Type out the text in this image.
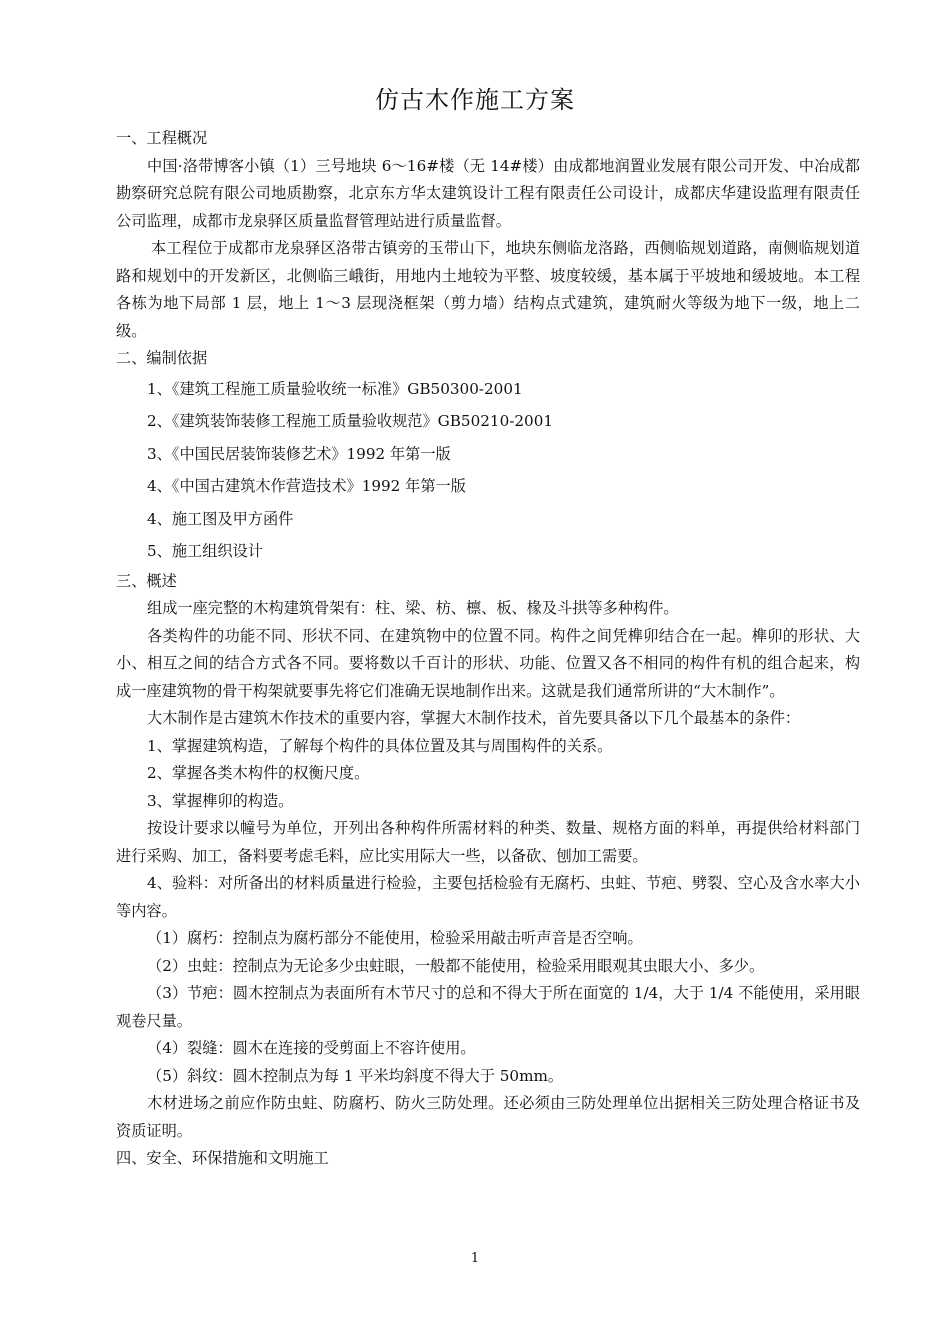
仿古木作施工方案

一、工程概况

中国·洛带博客小镇（1）三号地块 6～16#楼（无 14#楼）由成都地润置业发展有限公司开发、中冶成都勘察研究总院有限公司地质勘察，北京东方华太建筑设计工程有限责任公司设计，成都庆华建设监理有限责任公司监理，成都市龙泉驿区质量监督管理站进行质量监督。

本工程位于成都市龙泉驿区洛带古镇旁的玉带山下，地块东侧临龙洛路，西侧临规划道路，南侧临规划道路和规划中的开发新区，北侧临三峨街，用地内土地较为平整、坡度较缓，基本属于平坡地和缓坡地。本工程各栋为地下局部 1 层，地上 1～3 层现浇框架（剪力墙）结构点式建筑，建筑耐火等级为地下一级，地上二级。

二、编制依据

1、《建筑工程施工质量验收统一标准》GB50300-2001

2、《建筑装饰装修工程施工质量验收规范》GB50210-2001

3、《中国民居装饰装修艺术》1992 年第一版

4、《中国古建筑木作营造技术》1992 年第一版

4、施工图及甲方函件

5、施工组织设计

三、概述

组成一座完整的木构建筑骨架有：柱、梁、枋、檩、板、椽及斗拱等多种构件。

各类构件的功能不同、形状不同、在建筑物中的位置不同。构件之间凭榫卯结合在一起。榫卯的形状、大小、相互之间的结合方式各不同。要将数以千百计的形状、功能、位置又各不相同的构件有机的组合起来，构成一座建筑物的骨干构架就要事先将它们准确无误地制作出来。这就是我们通常所讲的“大木制作”。

大木制作是古建筑木作技术的重要内容，掌握大木制作技术，首先要具备以下几个最基本的条件：

1、掌握建筑构造，了解每个构件的具体位置及其与周围构件的关系。

2、掌握各类木构件的权衡尺度。

3、掌握榫卯的构造。

按设计要求以幢号为单位，开列出各种构件所需材料的种类、数量、规格方面的料单，再提供给材料部门进行采购、加工，备料要考虑毛料，应比实用际大一些，以备砍、刨加工需要。

4、验料：对所备出的材料质量进行检验，主要包括检验有无腐朽、虫蛀、节疤、劈裂、空心及含水率大小等内容。

（1）腐朽：控制点为腐朽部分不能使用，检验采用敲击听声音是否空响。

（2）虫蛀：控制点为无论多少虫蛀眼，一般都不能使用，检验采用眼观其虫眼大小、多少。

（3）节疤：圆木控制点为表面所有木节尺寸的总和不得大于所在面宽的 1/4，大于 1/4 不能使用，采用眼观卷尺量。

（4）裂缝：圆木在连接的受剪面上不容许使用。

（5）斜纹：圆木控制点为每 1 平米均斜度不得大于 50mm。

木材进场之前应作防虫蛀、防腐朽、防火三防处理。还必须由三防处理单位出据相关三防处理合格证书及资质证明。

四、安全、环保措施和文明施工

1
